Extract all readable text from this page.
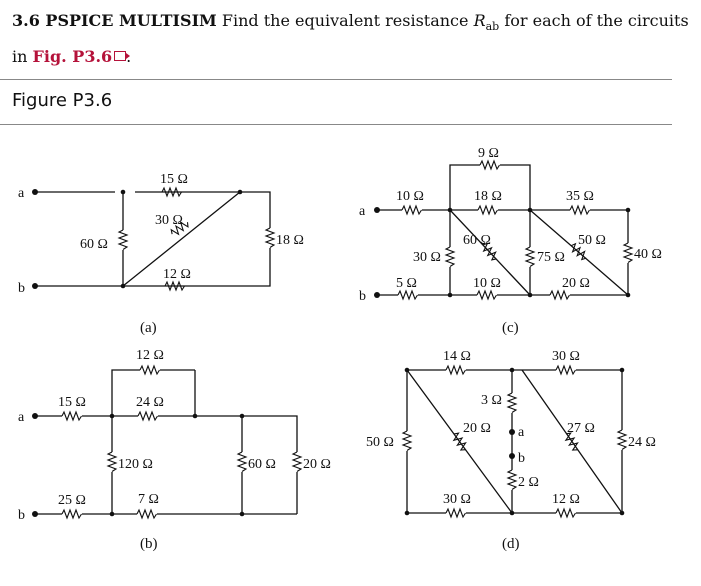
3.6 PSPICE MULTISIM Find the equivalent resistance $R_{ab}$ for each of the circuits
in Fig. P3.6 .
Figure P3.6
a
b
15 Ω
30 Ω
60 Ω
12 Ω
18 Ω
(a)
a
b
15 Ω
25 Ω
12 Ω
24 Ω
120 Ω
7 Ω
60 Ω 20 Ω
(b)
a
b
9 Ω
10 Ω	18 Ω	35 Ω
30 Ω
60 Ω	50 Ω
75 Ω	40 Ω
5 Ω	10 Ω	20 Ω
(c)
14 Ω	30 Ω
50 Ω
3 Ω
20 Ω	27 Ω
24 Ω
a
b
2 Ω
30 Ω	12 Ω
(d)
